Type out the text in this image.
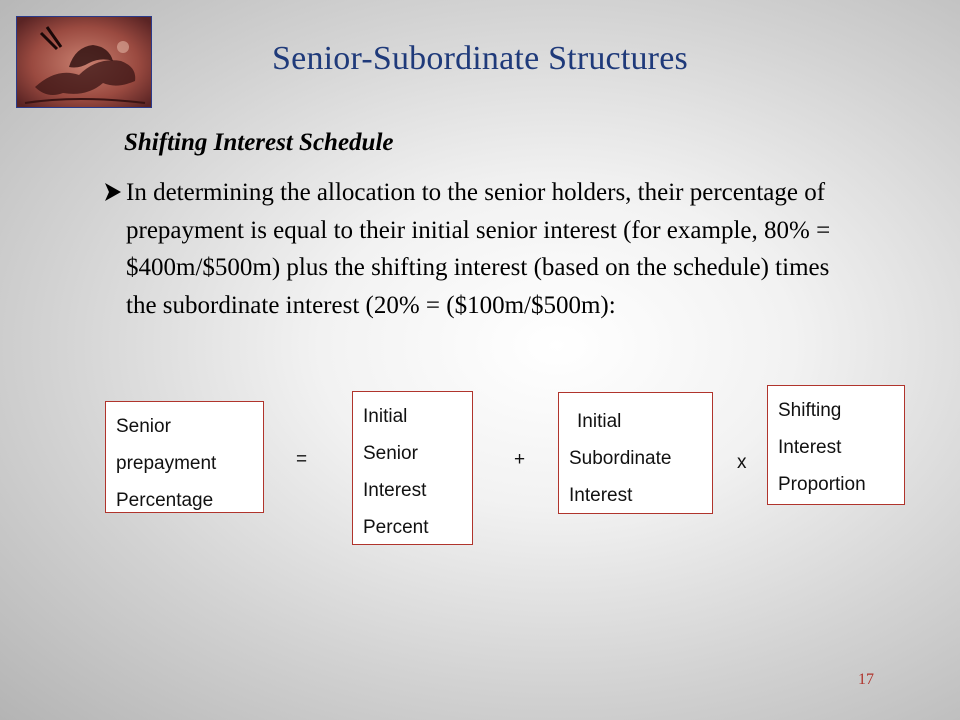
Senior-Subordinate Structures
Shifting Interest Schedule
In determining the allocation to the senior holders, their percentage of prepayment is equal to their initial senior interest (for example, 80% = $400m/$500m) plus the shifting interest (based on the schedule) times the subordinate interest (20% = ($100m/$500m):
Senior
prepayment
Percentage
=
Initial
Senior
Interest
Percent
+
Initial
Subordinate
Interest
x
Shifting
Interest
Proportion
17
